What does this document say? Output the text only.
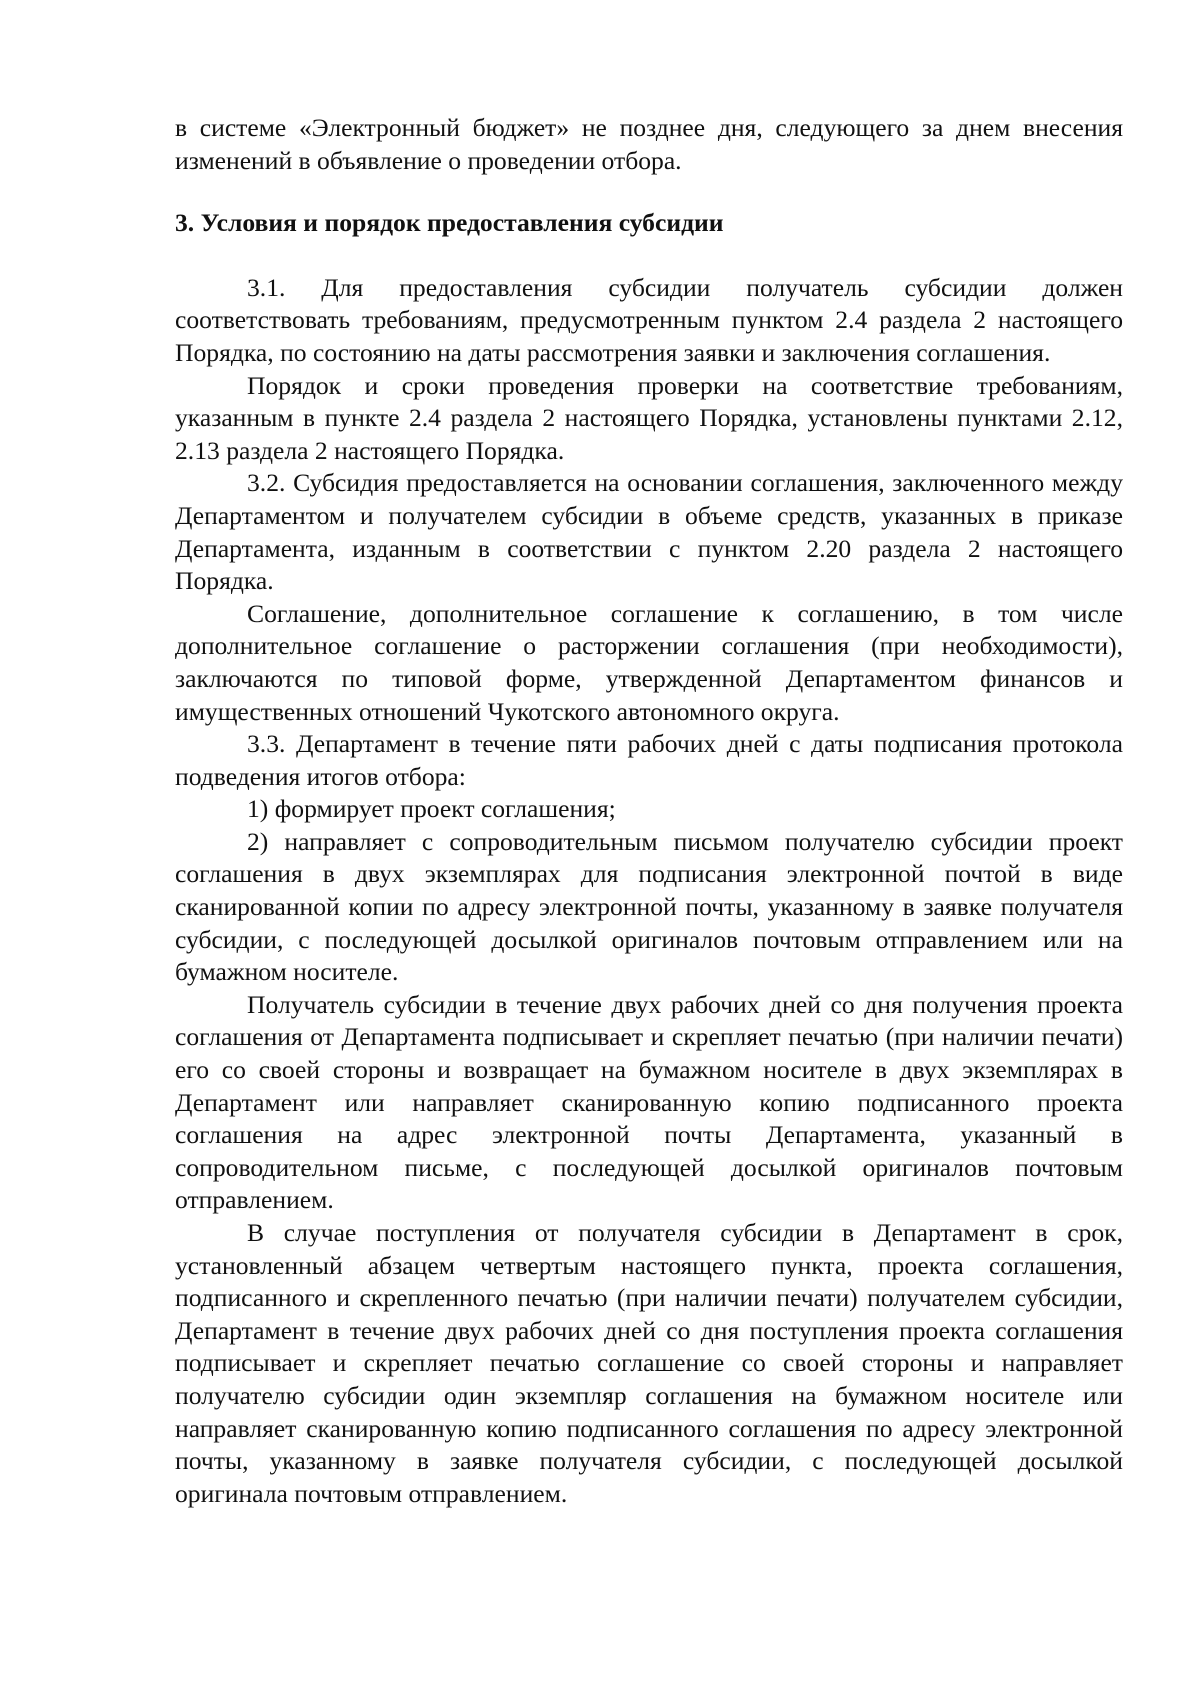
в системе «Электронный бюджет» не позднее дня, следующего за днем внесения изменений в объявление о проведении отбора.

3. Условия и порядок предоставления субсидии

3.1. Для предоставления субсидии получатель субсидии должен соответствовать требованиям, предусмотренным пунктом 2.4 раздела 2 настоящего Порядка, по состоянию на даты рассмотрения заявки и заключения соглашения.

Порядок и сроки проведения проверки на соответствие требованиям, указанным в пункте 2.4 раздела 2 настоящего Порядка, установлены пунктами 2.12, 2.13 раздела 2 настоящего Порядка.

3.2. Субсидия предоставляется на основании соглашения, заключенного между Департаментом и получателем субсидии в объеме средств, указанных в приказе Департамента, изданным в соответствии с пунктом 2.20 раздела 2 настоящего Порядка.

Соглашение, дополнительное соглашение к соглашению, в том числе дополнительное соглашение о расторжении соглашения (при необходимости), заключаются по типовой форме, утвержденной Департаментом финансов и имущественных отношений Чукотского автономного округа.

3.3. Департамент в течение пяти рабочих дней с даты подписания протокола подведения итогов отбора:

1) формирует проект соглашения;

2) направляет с сопроводительным письмом получателю субсидии проект соглашения в двух экземплярах для подписания электронной почтой в виде сканированной копии по адресу электронной почты, указанному в заявке получателя субсидии, с последующей досылкой оригиналов почтовым отправлением или на бумажном носителе.

Получатель субсидии в течение двух рабочих дней со дня получения проекта соглашения от Департамента подписывает и скрепляет печатью (при наличии печати) его со своей стороны и возвращает на бумажном носителе в двух экземплярах в Департамент или направляет сканированную копию подписанного проекта соглашения на адрес электронной почты Департамента, указанный в сопроводительном письме, с последующей досылкой оригиналов почтовым отправлением.

В случае поступления от получателя субсидии в Департамент в срок, установленный абзацем четвертым настоящего пункта, проекта соглашения, подписанного и скрепленного печатью (при наличии печати) получателем субсидии, Департамент в течение двух рабочих дней со дня поступления проекта соглашения подписывает и скрепляет печатью соглашение со своей стороны и направляет получателю субсидии один экземпляр соглашения на бумажном носителе или направляет сканированную копию подписанного соглашения по адресу электронной почты, указанному в заявке получателя субсидии, с последующей досылкой оригинала почтовым отправлением.
